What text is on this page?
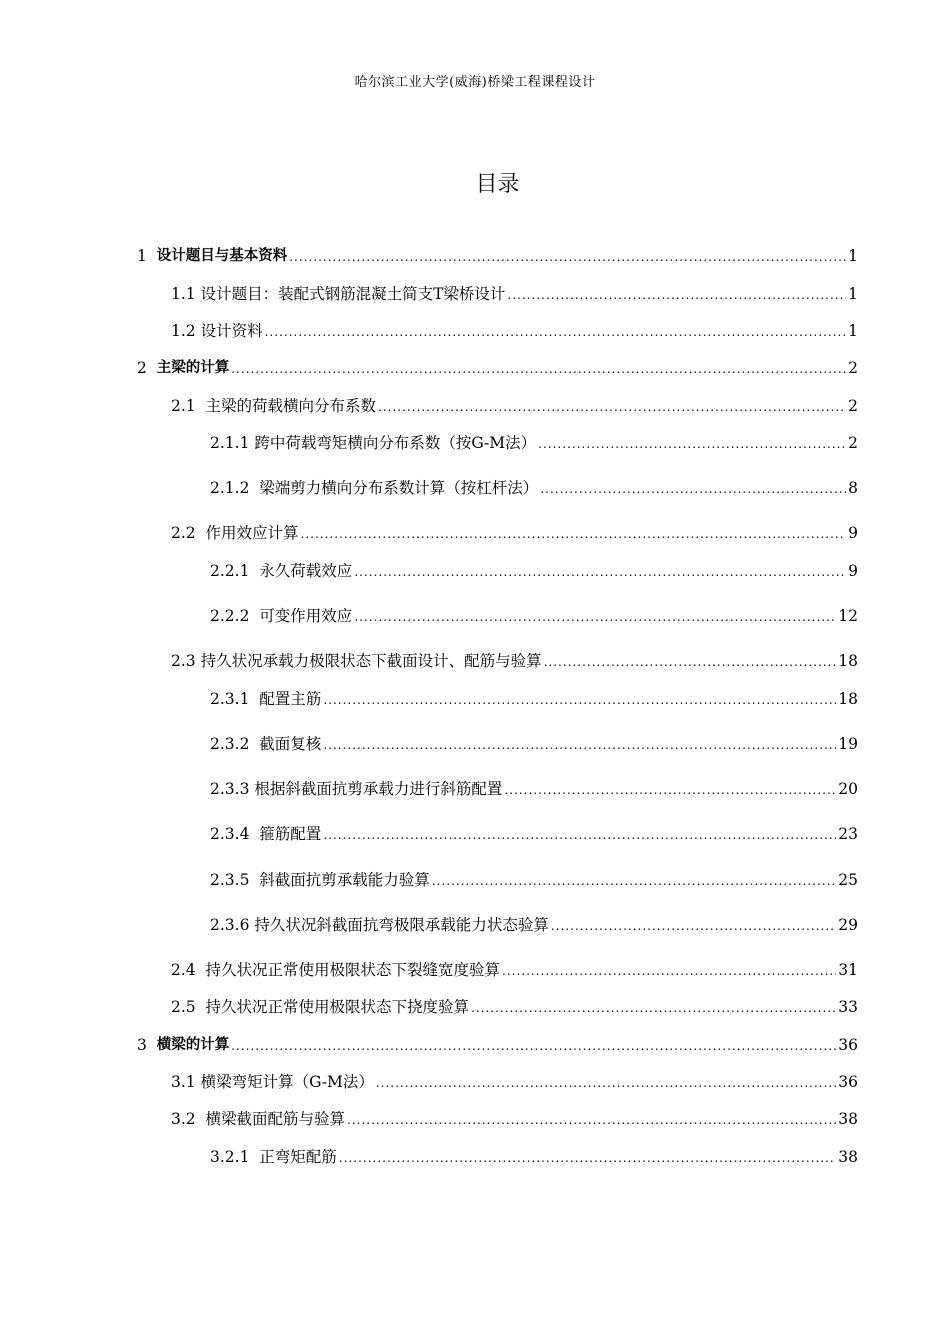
哈尔滨工业大学(威海)桥梁工程课程设计
目录
1 设计题目与基本资料 .....	1
1.1 设计题目：装配式钢筋混凝土简支T梁桥设计 .....	1
1.2 设计资料 .....	1
2 主梁的计算 .....	2
2.1 主梁的荷载横向分布系数 .....	2
2.1.1 跨中荷载弯矩横向分布系数（按G-M法） .....	2
2.1.2 梁端剪力横向分布系数计算（按杠杆法） .....	8
2.2 作用效应计算 .....	9
2.2.1 永久荷载效应 .....	9
2.2.2 可变作用效应 .....	12
2.3 持久状况承载力极限状态下截面设计、配筋与验算 .....	18
2.3.1 配置主筋 .....	18
2.3.2 截面复核 .....	19
2.3.3 根据斜截面抗剪承载力进行斜筋配置 .....	20
2.3.4 箍筋配置 .....	23
2.3.5 斜截面抗剪承载能力验算 .....	25
2.3.6 持久状况斜截面抗弯极限承载能力状态验算 .....	29
2.4 持久状况正常使用极限状态下裂缝宽度验算 .....	31
2.5 持久状况正常使用极限状态下挠度验算 .....	33
3 横梁的计算 .....	36
3.1 横梁弯矩计算（G-M法） .....	36
3.2 横梁截面配筋与验算 .....	38
3.2.1 正弯矩配筋 .....	38
